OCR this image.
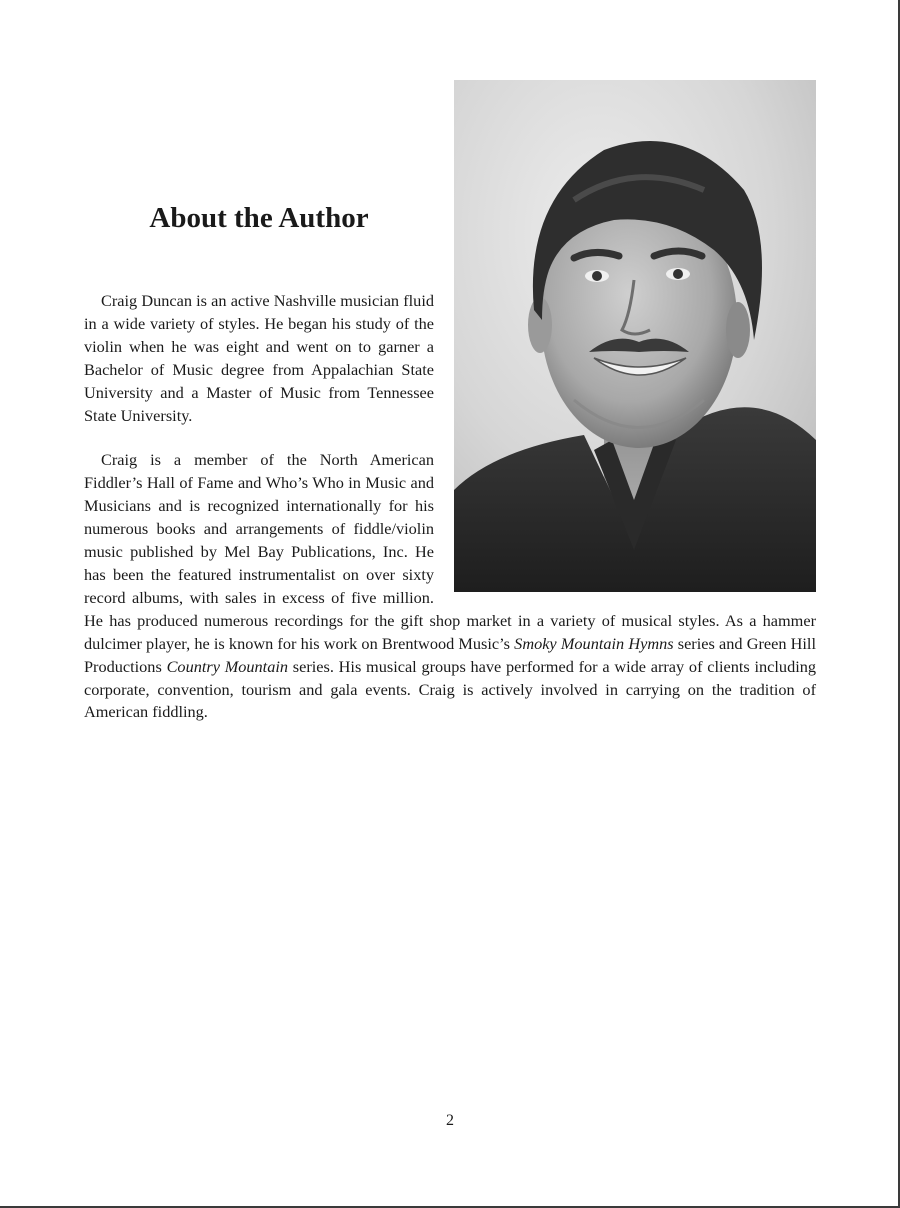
About the Author

Craig Duncan is an active Nashville musician fluid in a wide variety of styles. He began his study of the violin when he was eight and went on to garner a Bachelor of Music degree from Appalachian State University and a Master of Music from Tennessee State University.

Craig is a member of the North American Fiddler’s Hall of Fame and Who’s Who in Music and Musicians and is recognized internationally for his numerous books and arrangements of fiddle/violin music published by Mel Bay Publications, Inc. He has been the featured instrumentalist on over sixty record albums, with sales in excess of five million. He has produced numerous recordings for the gift shop market in a variety of musical styles. As a hammer dulcimer player, he is known for his work on Brentwood Music’s Smoky Mountain Hymns series and Green Hill Productions Country Mountain series. His musical groups have performed for a wide array of clients including corporate, convention, tourism and gala events. Craig is actively involved in carrying on the tradition of American fiddling.

2
